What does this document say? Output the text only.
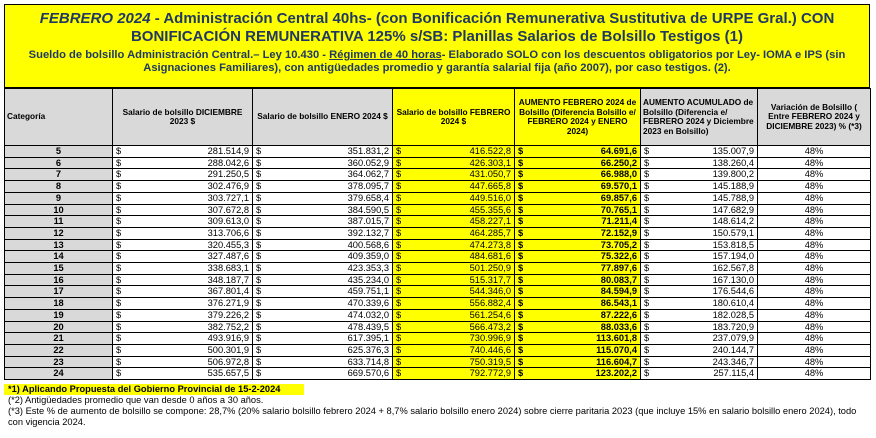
FEBRERO 2024 - Administración Central 40hs- (con Bonificación Remunerativa Sustitutiva de URPE Gral.) CON BONIFICACIÓN REMUNERATIVA 125% s/SB: Planillas Salarios de Bolsillo Testigos (1)
Sueldo de bolsillo Administración Central.– Ley 10.430 - Régimen de 40 horas- Elaborado SOLO con los descuentos obligatorios por Ley- IOMA e IPS (sin Asignaciones Familiares), con antigüedades promedio y garantía salarial fija (año 2007), por caso testigos. (2).
Categoría	Salario de bolsillo DICIEMBRE 2023 $	Salario de bolsillo ENERO 2024 $	Salario de bolsillo FEBRERO 2024 $	AUMENTO FEBRERO 2024 de Bolsillo (Diferencia Bolsillo e/ FEBRERO 2024 y ENERO 2024)	AUMENTO ACUMULADO de Bolsillo (Diferencia e/ FEBRERO 2024 y Diciembre 2023 en Bolsillo)	Variación de Bolsillo ( Entre FEBRERO 2024 y DICIEMBRE 2023) % (*3)
5	$ 281.514,9	$ 351.831,2	$ 416.522,8	$ 64.691,6	$ 135.007,9	48%
6	$ 288.042,6	$ 360.052,9	$ 426.303,1	$ 66.250,2	$ 138.260,4	48%
7	$ 291.250,5	$ 364.062,7	$ 431.050,7	$ 66.988,0	$ 139.800,2	48%
8	$ 302.476,9	$ 378.095,7	$ 447.665,8	$ 69.570,1	$ 145.188,9	48%
9	$ 303.727,1	$ 379.658,4	$ 449.516,0	$ 69.857,6	$ 145.788,9	48%
10	$ 307.672,8	$ 384.590,5	$ 455.355,6	$ 70.765,1	$ 147.682,9	48%
11	$ 309.613,0	$ 387.015,7	$ 458.227,1	$ 71.211,4	$ 148.614,2	48%
12	$ 313.706,6	$ 392.132,7	$ 464.285,7	$ 72.152,9	$ 150.579,1	48%
13	$ 320.455,3	$ 400.568,6	$ 474.273,8	$ 73.705,2	$ 153.818,5	48%
14	$ 327.487,6	$ 409.359,0	$ 484.681,6	$ 75.322,6	$ 157.194,0	48%
15	$ 338.683,1	$ 423.353,3	$ 501.250,9	$ 77.897,6	$ 162.567,8	48%
16	$ 348.187,7	$ 435.234,0	$ 515.317,7	$ 80.083,7	$ 167.130,0	48%
17	$ 367.801,4	$ 459.751,1	$ 544.346,0	$ 84.594,9	$ 176.544,6	48%
18	$ 376.271,9	$ 470.339,6	$ 556.882,4	$ 86.543,1	$ 180.610,4	48%
19	$ 379.226,2	$ 474.032,0	$ 561.254,6	$ 87.222,6	$ 182.028,5	48%
20	$ 382.752,2	$ 478.439,5	$ 566.473,2	$ 88.033,6	$ 183.720,9	48%
21	$ 493.916,9	$ 617.395,1	$ 730.996,9	$ 113.601,8	$ 237.079,9	48%
22	$ 500.301,9	$ 625.376,3	$ 740.446,6	$ 115.070,4	$ 240.144,7	48%
23	$ 506.972,8	$ 633.714,8	$ 750.319,5	$ 116.604,7	$ 243.346,7	48%
24	$ 535.657,5	$ 669.570,6	$ 792.772,9	$ 123.202,2	$ 257.115,4	48%
*1) Aplicando Propuesta del Gobierno Provincial de 15-2-2024
(*2) Antigüedades promedio que van desde 0 años a 30 años.
(*3) Este % de aumento de bolsillo se compone: 28,7% (20% salario bolsillo febrero 2024 + 8,7% salario bolsillo enero 2024) sobre cierre paritaria 2023 (que incluye 15% en salario bolsillo enero 2024), todo con vigencia 2024.
